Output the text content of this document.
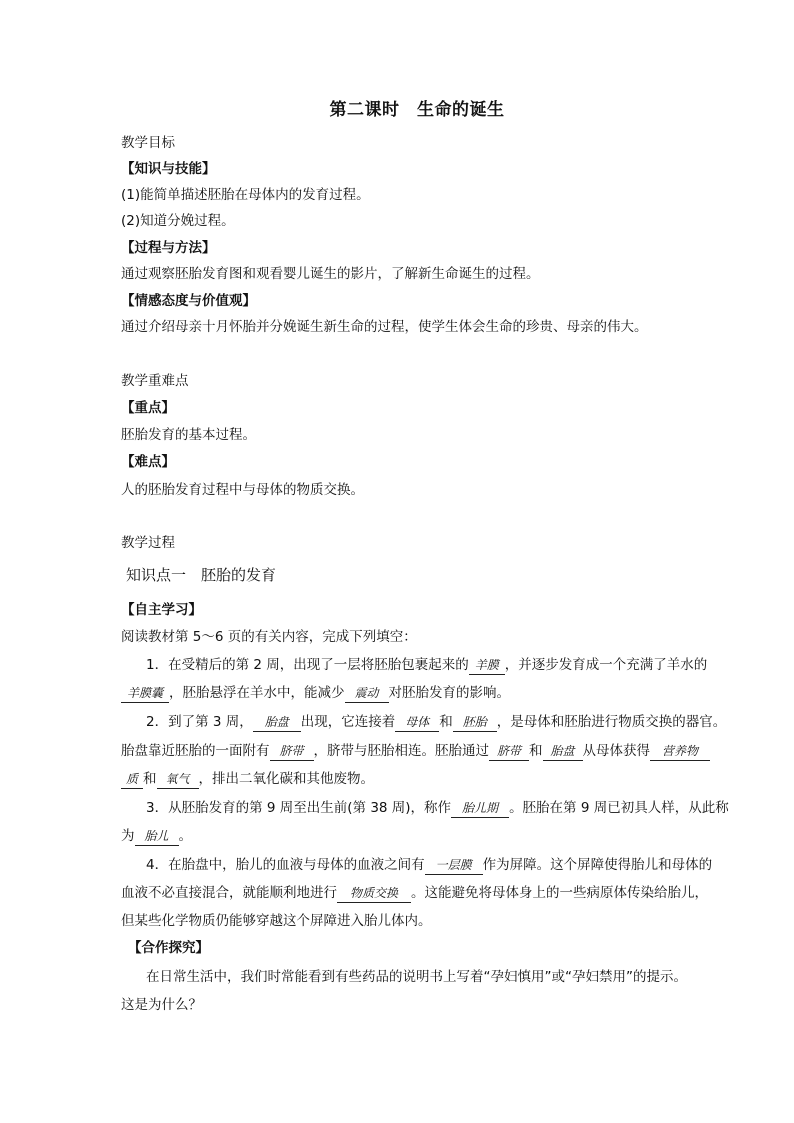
第二课时　生命的诞生
教学目标
【知识与技能】
(1)能简单描述胚胎在母体内的发育过程。
(2)知道分娩过程。
【过程与方法】
通过观察胚胎发育图和观看婴儿诞生的影片，了解新生命诞生的过程。
【情感态度与价值观】
通过介绍母亲十月怀胎并分娩诞生新生命的过程，使学生体会生命的珍贵、母亲的伟大。
教学重难点
【重点】
胚胎发育的基本过程。
【难点】
人的胚胎发育过程中与母体的物质交换。
教学过程
知识点一　胚胎的发育
【自主学习】
阅读教材第 5～6 页的有关内容，完成下列填空：
1．在受精后的第 2 周，出现了一层将胚胎包裹起来的 羊膜 ，并逐步发育成一个充满了羊水的
羊膜囊 ，胚胎悬浮在羊水中，能减少 震动 对胚胎发育的影响。
2．到了第 3 周， 胎盘 出现，它连接着 母体 和 胚胎 ，是母体和胚胎进行物质交换的器官。
胎盘靠近胚胎的一面附有 脐带 ，脐带与胚胎相连。胚胎通过 脐带 和 胎盘 从母体获得 营养物
质 和 氧气 ，排出二氧化碳和其他废物。
3．从胚胎发育的第 9 周至出生前(第 38 周)，称作 胎儿期 。胚胎在第 9 周已初具人样，从此称
为 胎儿 。
4．在胎盘中，胎儿的血液与母体的血液之间有 一层膜 作为屏障。这个屏障使得胎儿和母体的
血液不必直接混合，就能顺利地进行 物质交换 。这能避免将母体身上的一些病原体传染给胎儿，
但某些化学物质仍能够穿越这个屏障进入胎儿体内。
【合作探究】
在日常生活中，我们时常能看到有些药品的说明书上写着“孕妇慎用”或“孕妇禁用”的提示。
这是为什么？
